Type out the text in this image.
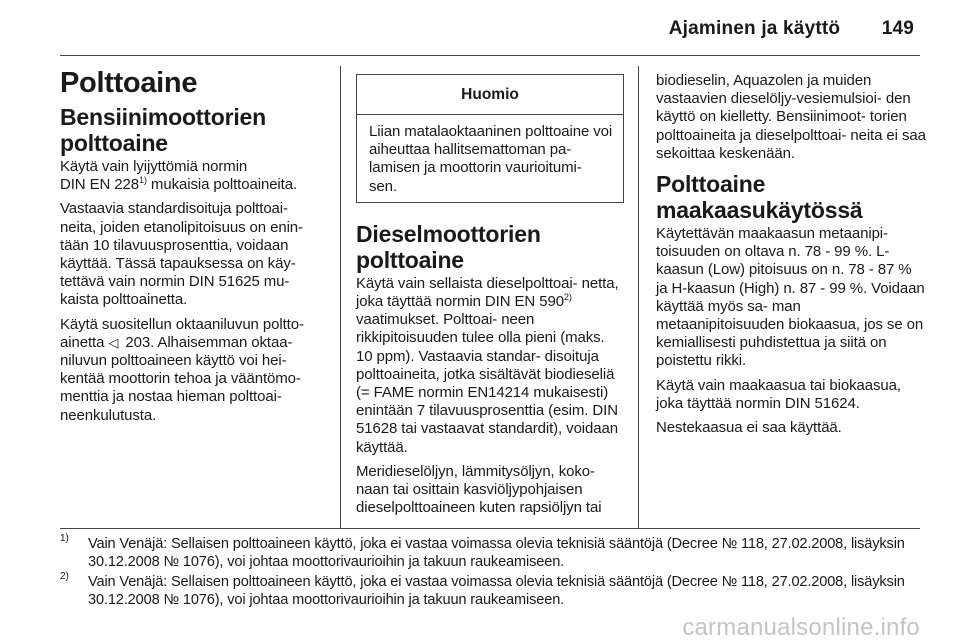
Ajaminen ja käyttö 149
Polttoaine
Bensiinimoottorien
polttoaine

Käytä vain lyijyttömiä normin
DIN EN 228$^{1)}$ mukaisia polttoaineita.

Vastaavia standardisoituja polttoai- neita, joiden etanolipitoisuus on enin- tään 10 tilavuusprosenttia, voidaan käyttää. Tässä tapauksessa on käy- tettävä vain normin DIN 51625 mu- kaista polttoainetta.

Käytä suositellun oktaaniluvun poltto- ainetta ◁ 203. Alhaisemman oktaa- niluvun polttoaineen käyttö voi hei- kentää moottorin tehoa ja vääntömo- menttia ja nostaa hieman polttoai- neenkulutusta.

Huomio

Liian matalaoktaaninen polttoaine voi aiheuttaa hallitsemattoman pa- lamisen ja moottorin vaurioitumi- sen.

Dieselmoottorien
polttoaine

Käytä vain sellaista dieselpolttoai- netta, joka täyttää normin DIN EN 590$^{2)}$ vaatimukset. Polttoai- neen rikkipitoisuuden tulee olla pieni (maks. 10 ppm). Vastaavia standar- disoituja polttoaineita, jotka sisältävät biodieseliä (= FAME normin EN14214 mukaisesti) enintään 7 tilavuusprosenttia (esim. DIN 51628 tai vastaavat standardit), voidaan käyttää.

Meridieselöljyn, lämmitysöljyn, koko- naan tai osittain kasviöljypohjaisen dieselpolttoaineen kuten rapsiöljyn tai

biodieselin, Aquazolen ja muiden vastaavien dieselöljy-vesiemulsioi- den käyttö on kielletty. Bensiinimoot- torien polttoaineita ja dieselpolttoai- neita ei saa sekoittaa keskenään.

Polttoaine
maakaasukäytössä

Käytettävän maakaasun metaanipi- toisuuden on oltava n. 78 - 99 %. L- kaasun (Low) pitoisuus on n. 78 - 87 % ja H-kaasun (High) n. 87 - 99 %. Voidaan käyttää myös sa- man metaanipitoisuuden biokaasua, jos se on kemiallisesti puhdistettua ja siitä on poistettu rikki.

Käytä vain maakaasua tai biokaasua, joka täyttää normin DIN 51624.

Nestekaasua ei saa käyttää.

1) Vain Venäjä: Sellaisen polttoaineen käyttö, joka ei vastaa voimassa olevia teknisiä sääntöjä (Decree № 118, 27.02.2008, lisäyksin 30.12.2008 № 1076), voi johtaa moottorivaurioihin ja takuun raukeamiseen.
2) Vain Venäjä: Sellaisen polttoaineen käyttö, joka ei vastaa voimassa olevia teknisiä sääntöjä (Decree № 118, 27.02.2008, lisäyksin 30.12.2008 № 1076), voi johtaa moottorivaurioihin ja takuun raukeamiseen.
carmanualsonline.info
